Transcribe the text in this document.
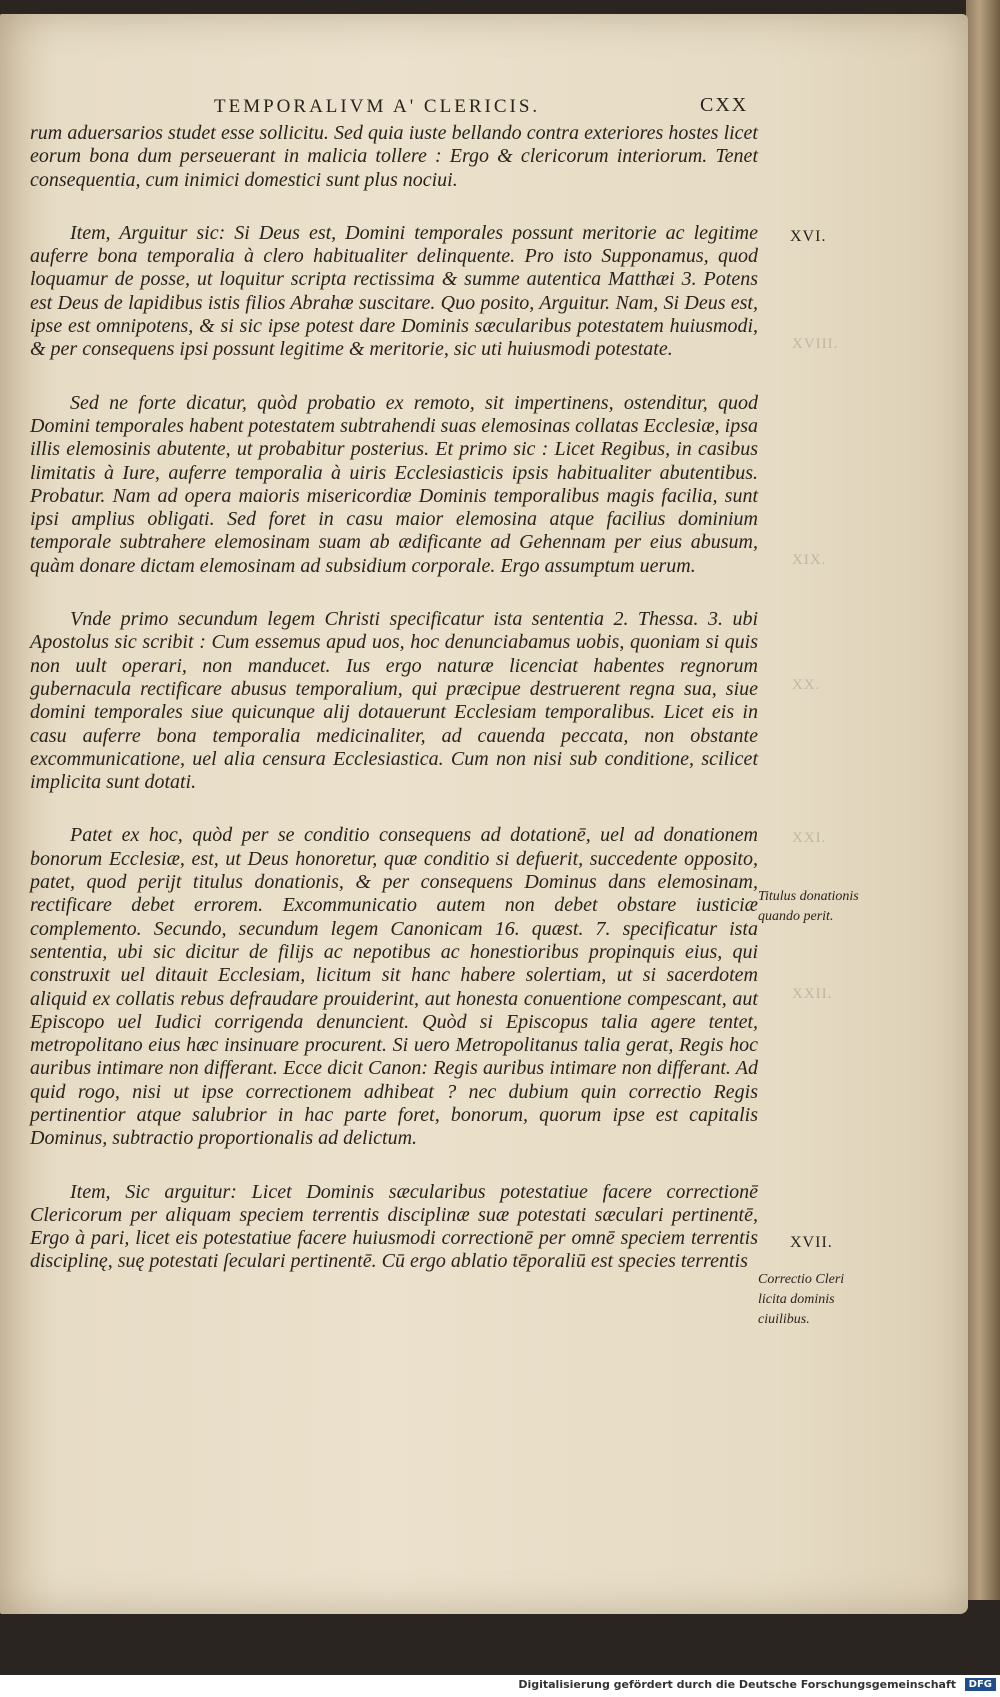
TEMPORALIVM A' CLERICIS.	CXX

rum aduersarios studet esse sollicitu. Sed quia iuste bellando contra exteriores hostes licet eorum bona dum perseuerant in malicia tollere : Ergo & clericorum interiorum. Tenet consequentia, cum inimici domestici sunt plus nociui.

Item, Arguitur sic: Si Deus est, Domini temporales possunt meritorie ac legitime auferre bona temporalia à clero habitualiter delinquente. Pro isto Supponamus, quod loquamur de posse, ut loquitur scripta rectissima & summe autentica Matthæi 3. Potens est Deus de lapidibus istis filios Abrahæ suscitare. Quo posito, Arguitur. Nam, Si Deus est, ipse est omnipotens, & si sic ipse potest dare Dominis sæcularibus potestatem huiusmodi, & per consequens ipsi possunt legitime & meritorie, sic uti huiusmodi potestate.

Sed ne forte dicatur, quòd probatio ex remoto, sit impertinens, ostenditur, quod Domini temporales habent potestatem subtrahendi suas elemosinas collatas Ecclesiæ, ipsa illis elemosinis abutente, ut probabitur posterius. Et primo sic : Licet Regibus, in casibus limitatis à Iure, auferre temporalia à uiris Ecclesiasticis ipsis habitualiter abutentibus. Probatur. Nam ad opera maioris misericordiæ Dominis temporalibus magis facilia, sunt ipsi amplius obligati. Sed foret in casu maior elemosina atque facilius dominium temporale subtrahere elemosinam suam ab ædificante ad Gehennam per eius abusum, quàm donare dictam elemosinam ad subsidium corporale. Ergo assumptum uerum.

Vnde primo secundum legem Christi specificatur ista sententia 2. Thessa. 3. ubi Apostolus sic scribit : Cum essemus apud uos, hoc denunciabamus uobis, quoniam si quis non uult operari, non manducet. Ius ergo naturæ licenciat habentes regnorum gubernacula rectificare abusus temporalium, qui præcipue destruerent regna sua, siue domini temporales siue quicunque alij dotauerunt Ecclesiam temporalibus. Licet eis in casu auferre bona temporalia medicinaliter, ad cauenda peccata, non obstante excommunicatione, uel alia censura Ecclesiastica. Cum non nisi sub conditione, scilicet implicita sunt dotati.

Patet ex hoc, quòd per se conditio consequens ad dotationē, uel ad donationem bonorum Ecclesiæ, est, ut Deus honoretur, quæ conditio si defuerit, succedente opposito, patet, quod perijt titulus donationis, & per consequens Dominus dans elemosinam, rectificare debet errorem. Excommunicatio autem non debet obstare iusticiæ complemento. Secundo, secundum legem Canonicam 16. quæst. 7. specificatur ista sententia, ubi sic dicitur de filijs ac nepotibus ac honestioribus propinquis eius, qui construxit uel ditauit Ecclesiam, licitum sit hanc habere solertiam, ut si sacerdotem aliquid ex collatis rebus defraudare prouiderint, aut honesta conuentione compescant, aut Episcopo uel Iudici corrigenda denuncient. Quòd si Episcopus talia agere tentet, metropolitano eius hæc insinuare procurent. Si uero Metropolitanus talia gerat, Regis hoc auribus intimare non differant. Ecce dicit Canon: Regis auribus intimare non differant. Ad quid rogo, nisi ut ipse correctionem adhibeat ? nec dubium quin correctio Regis pertinentior atque salubrior in hac parte foret, bonorum, quorum ipse est capitalis Dominus, subtractio proportionalis ad delictum.

Item, Sic arguitur: Licet Dominis sæcularibus potestatiue facere correctionē Clericorum per aliquam speciem terrentis disciplinæ suæ potestati sæculari pertinentē, Ergo à pari, licet eis potestatiue facere huiusmodi correctionē per omnē speciem terrentis disciplinę, suę potestati ſeculari pertinentē. Cū ergo ablatio tēporaliū est species terrentis

XVI.
XVII.
Titulus donationis quando perit.
Correctio Cleri licita dominis ciuilibus.
XVIII.
XIX.
XX.
XXI.
XXII.
Digitalisierung gefördert durch die Deutsche Forschungsgemeinschaft	DFG
